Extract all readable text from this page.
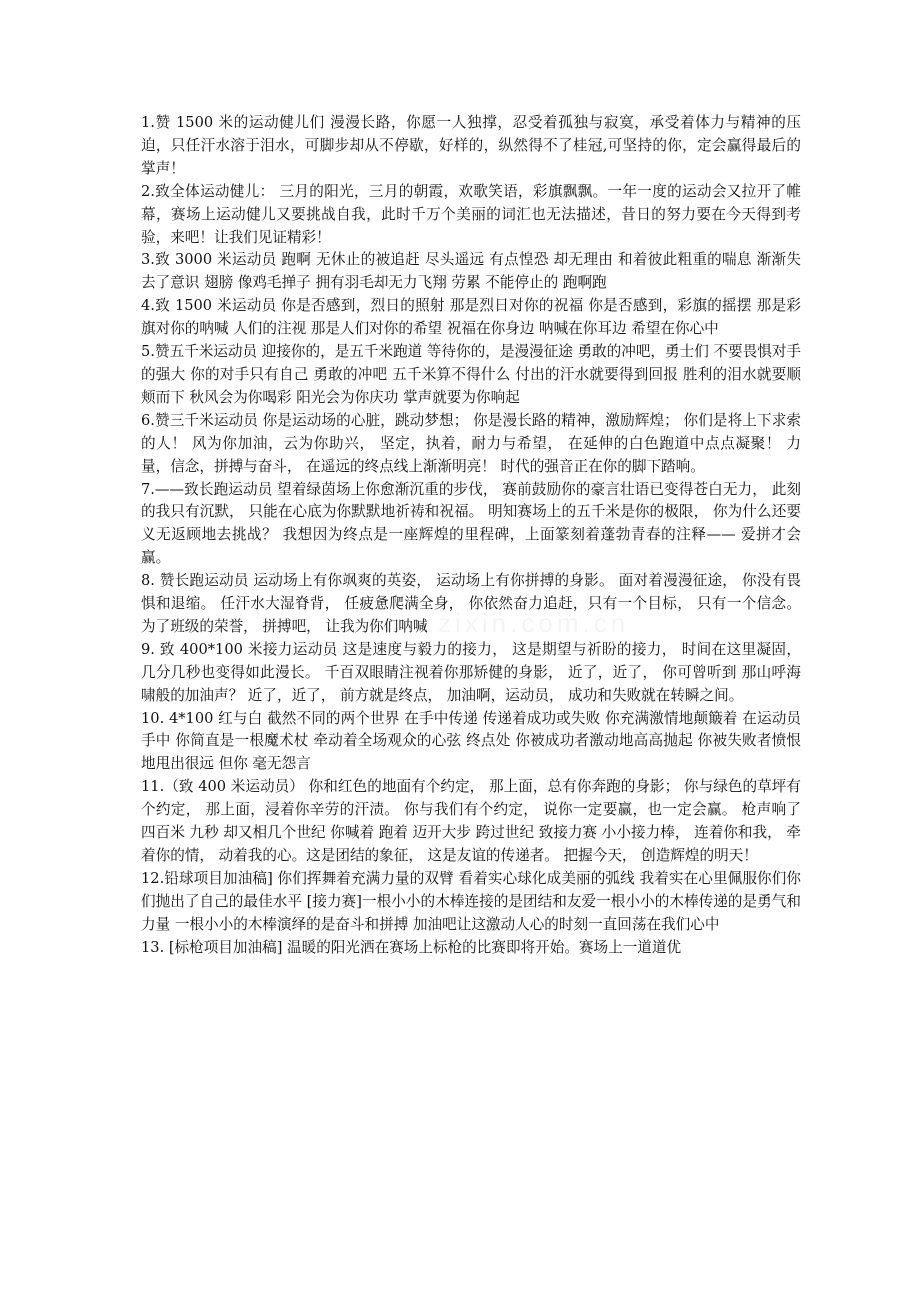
www.zixin.com.cn

1.赞 1500 米的运动健儿们 漫漫长路，你愿一人独撑，忍受着孤独与寂寞，承受着体力与精神的压迫，只任汗水溶于泪水，可脚步却从不停歇，好样的，纵然得不了桂冠,可坚持的你，定会赢得最后的掌声！

2.致全体运动健儿： 三月的阳光，三月的朝霞，欢歌笑语，彩旗飘飘。一年一度的运动会又拉开了帷幕，赛场上运动健儿又要挑战自我，此时千万个美丽的词汇也无法描述，昔日的努力要在今天得到考验，来吧！让我们见证精彩！

3.致 3000 米运动员 跑啊 无休止的被追赶 尽头遥远 有点惶恐 却无理由 和着彼此粗重的喘息 渐渐失去了意识 翅膀 像鸡毛掸子 拥有羽毛却无力飞翔 劳累 不能停止的 跑啊跑

4.致 1500 米运动员 你是否感到，烈日的照射 那是烈日对你的祝福 你是否感到，彩旗的摇摆 那是彩旗对你的呐喊 人们的注视 那是人们对你的希望 祝福在你身边 呐喊在你耳边 希望在你心中

5.赞五千米运动员 迎接你的，是五千米跑道 等待你的，是漫漫征途 勇敢的冲吧，勇士们 不要畏惧对手的强大 你的对手只有自己 勇敢的冲吧 五千米算不得什么 付出的汗水就要得到回报 胜利的泪水就要顺颊而下 秋风会为你喝彩 阳光会为你庆功 掌声就要为你响起

6.赞三千米运动员 你是运动场的心脏，跳动梦想； 你是漫长路的精神，激励辉煌； 你们是将上下求索的人！ 风为你加油，云为你助兴， 坚定，执着，耐力与希望， 在延伸的白色跑道中点点凝聚！ 力量，信念，拼搏与奋斗， 在遥远的终点线上渐渐明亮！ 时代的强音正在你的脚下踏响。

7.——致长跑运动员 望着绿茵场上你愈渐沉重的步伐， 赛前鼓励你的豪言壮语已变得苍白无力， 此刻的我只有沉默， 只能在心底为你默默地祈祷和祝福。 明知赛场上的五千米是你的极限， 你为什么还要义无返顾地去挑战？ 我想因为终点是一座辉煌的里程碑，上面篆刻着蓬勃青春的注释—— 爱拼才会赢。

8. 赞长跑运动员 运动场上有你飒爽的英姿， 运动场上有你拼搏的身影。 面对着漫漫征途， 你没有畏惧和退缩。 任汗水大湿脊背， 任疲惫爬满全身， 你依然奋力追赶，只有一个目标， 只有一个信念。 为了班级的荣誉， 拼搏吧， 让我为你们呐喊

9. 致 400*100 米接力运动员 这是速度与毅力的接力， 这是期望与祈盼的接力， 时间在这里凝固， 几分几秒也变得如此漫长。 千百双眼睛注视着你那矫健的身影， 近了，近了， 你可曾听到 那山呼海啸般的加油声？ 近了，近了， 前方就是终点， 加油啊，运动员， 成功和失败就在转瞬之间。

10. 4*100 红与白 截然不同的两个世界 在手中传递 传递着成功或失败 你充满激情地颠簸着 在运动员手中 你简直是一根魔术杖 牵动着全场观众的心弦 终点处 你被成功者激动地高高抛起 你被失败者愤恨地甩出很远 但你 毫无怨言

11.（致 400 米运动员） 你和红色的地面有个约定， 那上面，总有你奔跑的身影； 你与绿色的草坪有个约定， 那上面，浸着你辛劳的汗渍。 你与我们有个约定， 说你一定要赢，也一定会赢。 枪声响了 四百米 九秒 却又相几个世纪 你喊着 跑着 迈开大步 跨过世纪 致接力赛 小小接力棒， 连着你和我， 牵着你的情， 动着我的心。这是团结的象征， 这是友谊的传递者。 把握今天， 创造辉煌的明天！

12.铅球项目加油稿] 你们挥舞着充满力量的双臂 看着实心球化成美丽的弧线 我着实在心里佩服你们你们抛出了自己的最佳水平 [接力赛]一根小小的木棒连接的是团结和友爱一根小小的木棒传递的是勇气和力量 一根小小的木棒演绎的是奋斗和拼搏 加油吧让这激动人心的时刻一直回荡在我们心中

13. [标枪项目加油稿] 温暖的阳光洒在赛场上标枪的比赛即将开始。赛场上一道道优
